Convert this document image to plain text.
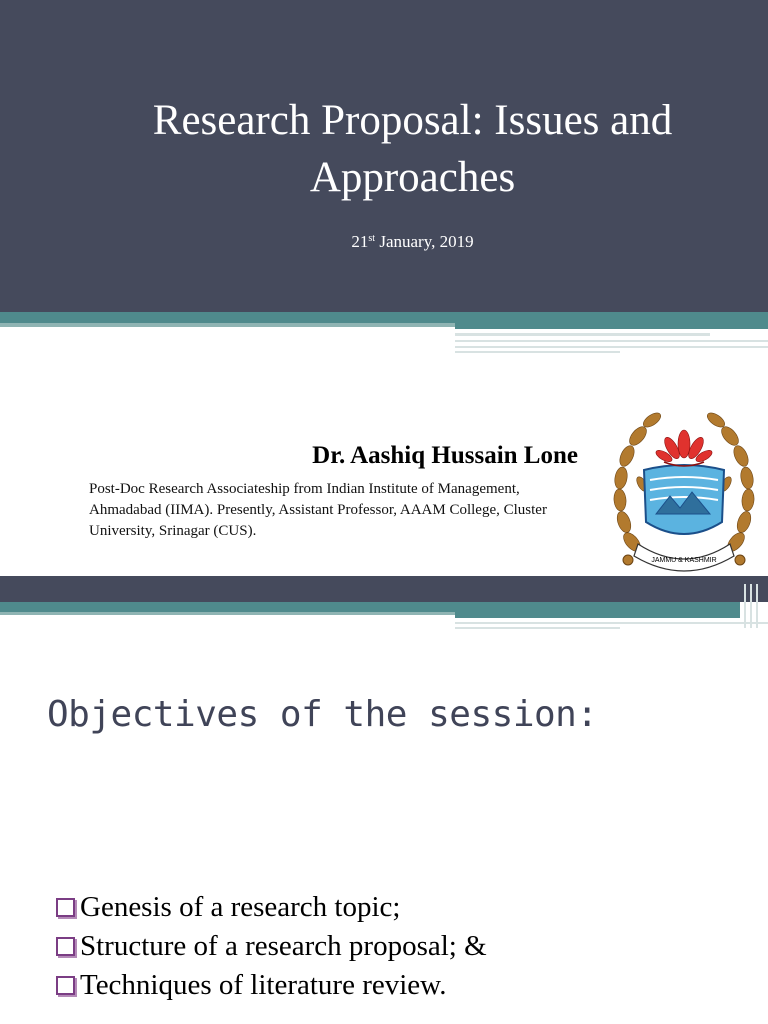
Research Proposal: Issues and Approaches
21st January, 2019
Dr. Aashiq Hussain Lone

Post-Doc Research Associateship from Indian Institute of Management, Ahmadabad (IIMA). Presently, Assistant Professor, AAAM College, Cluster University, Srinagar (CUS).

JAMMU & KASHMIR
Objectives of the session:
Genesis of a research topic;
Structure of a research proposal; &
Techniques of literature review.
